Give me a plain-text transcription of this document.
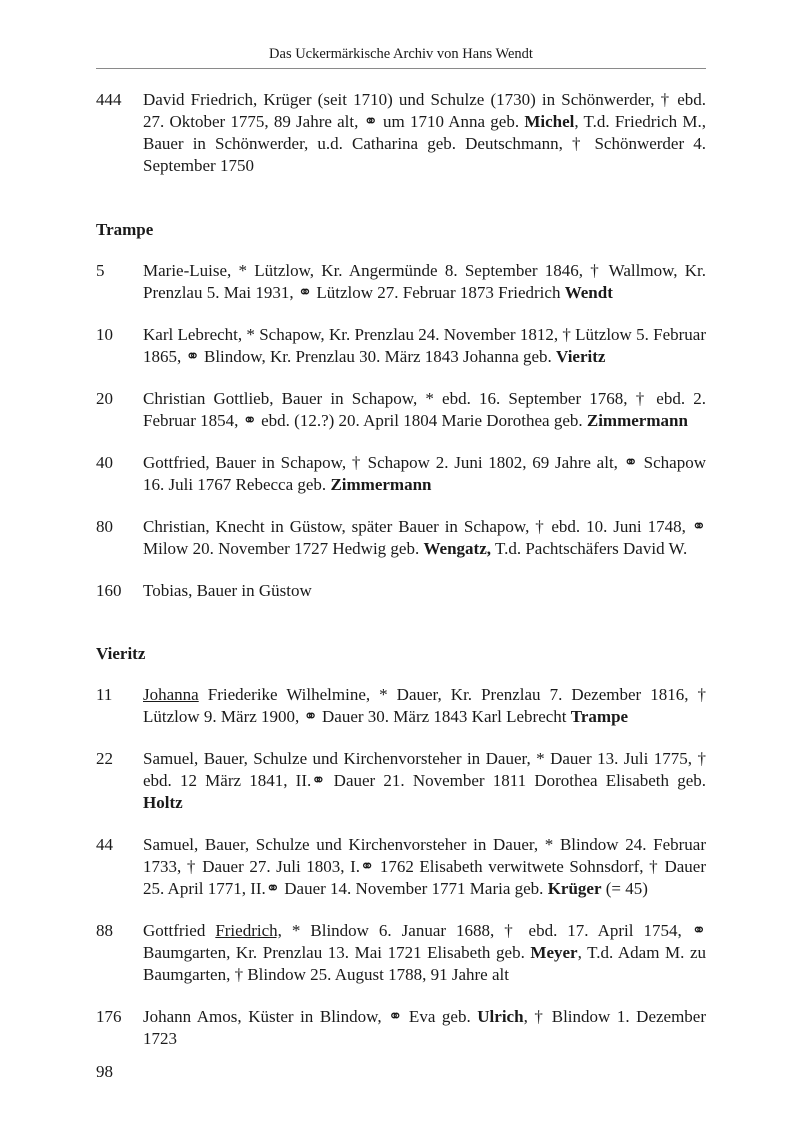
Das Uckermärkische Archiv von Hans Wendt
444	David Friedrich, Krüger (seit 1710) und Schulze (1730) in Schönwerder, † ebd. 27. Oktober 1775, 89 Jahre alt, ⚭ um 1710 Anna geb. Michel, T.d. Friedrich M., Bauer in Schönwerder, u.d. Catharina geb. Deutschmann, † Schönwerder 4. September 1750
Trampe
5	Marie-Luise, * Lützlow, Kr. Angermünde 8. September 1846, † Wallmow, Kr. Prenzlau 5. Mai 1931, ⚭ Lützlow 27. Februar 1873 Friedrich Wendt
10	Karl Lebrecht, * Schapow, Kr. Prenzlau 24. November 1812, † Lützlow 5. Februar 1865, ⚭ Blindow, Kr. Prenzlau 30. März 1843 Johanna geb. Vieritz
20	Christian Gottlieb, Bauer in Schapow, * ebd. 16. September 1768, † ebd. 2. Februar 1854, ⚭ ebd. (12.?) 20. April 1804 Marie Dorothea geb. Zimmermann
40	Gottfried, Bauer in Schapow, † Schapow 2. Juni 1802, 69 Jahre alt, ⚭ Schapow 16. Juli 1767 Rebecca geb. Zimmermann
80	Christian, Knecht in Güstow, später Bauer in Schapow, † ebd. 10. Juni 1748, ⚭ Milow 20. November 1727 Hedwig geb. Wengatz, T.d. Pachtschäfers David W.
160	Tobias, Bauer in Güstow
Vieritz
11	Johanna Friederike Wilhelmine, * Dauer, Kr. Prenzlau 7. Dezember 1816, † Lützlow 9. März 1900, ⚭ Dauer 30. März 1843 Karl Lebrecht Trampe
22	Samuel, Bauer, Schulze und Kirchenvorsteher in Dauer, * Dauer 13. Juli 1775, † ebd. 12 März 1841, II.⚭ Dauer 21. November 1811 Dorothea Elisabeth geb. Holtz
44	Samuel, Bauer, Schulze und Kirchenvorsteher in Dauer, * Blindow 24. Februar 1733, † Dauer 27. Juli 1803, I.⚭ 1762 Elisabeth verwitwete Sohnsdorf, † Dauer 25. April 1771, II.⚭ Dauer 14. November 1771 Maria geb. Krüger (= 45)
88	Gottfried Friedrich, * Blindow 6. Januar 1688, † ebd. 17. April 1754, ⚭ Baumgarten, Kr. Prenzlau 13. Mai 1721 Elisabeth geb. Meyer, T.d. Adam M. zu Baumgarten, † Blindow 25. August 1788, 91 Jahre alt
176	Johann Amos, Küster in Blindow, ⚭ Eva geb. Ulrich, † Blindow 1. Dezember 1723
98
